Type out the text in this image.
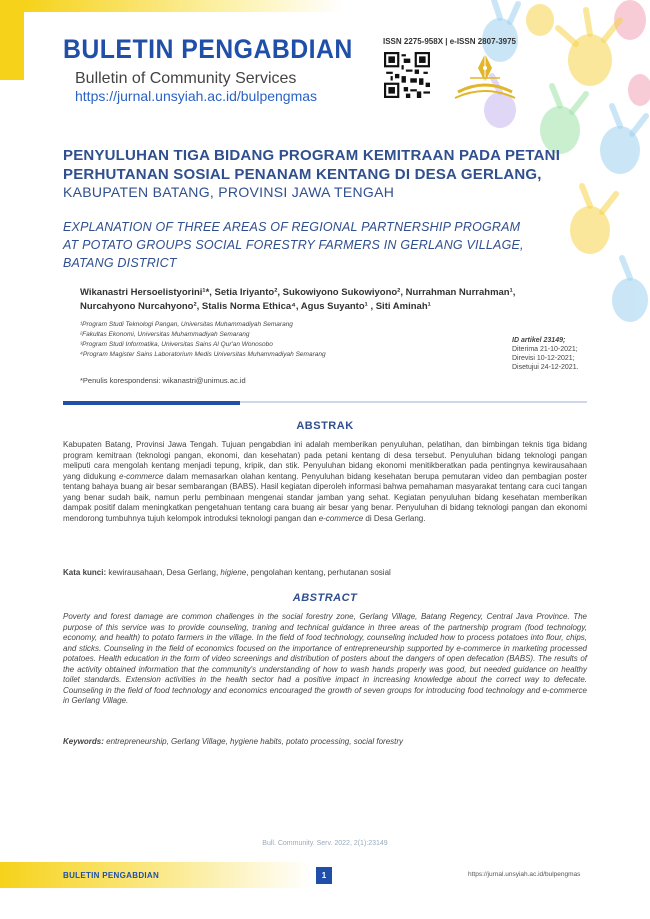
BULETIN PENGABDIAN
Bulletin of Community Services
https://jurnal.unsyiah.ac.id/bulpengmas
ISSN 2275-958X | e-ISSN 2807-3975
PENYULUHAN TIGA BIDANG PROGRAM KEMITRAAN PADA PETANI
PERHUTANAN SOSIAL PENANAM KENTANG DI DESA GERLANG,
KABUPATEN BATANG, PROVINSI JAWA TENGAH
EXPLANATION OF THREE AREAS OF REGIONAL PARTNERSHIP PROGRAM
AT POTATO GROUPS SOCIAL FORESTRY FARMERS IN GERLANG VILLAGE,
BATANG DISTRICT
Wikanastri Hersoelistyorini¹*, Setia Iriyanto², Sukowiyono Sukowiyono², Nurrahman Nurrahman¹,
Nurcahyono Nurcahyono², Stalis Norma Ethica⁴, Agus Suyanto¹ , Siti Aminah¹
¹Program Studi Teknologi Pangan, Universitas Muhammadiyah Semarang
²Fakultas Ekonomi, Universitas Muhammadiyah Semarang
³Program Studi Informatika, Universitas Sains Al Qur'an Wonosobo
⁴Program Magister Sains Laboratorium Medis Universitas Muhammadiyah Semarang
ID artikel 23149;
Diterima 21-10-2021;
Direvisi 10-12-2021;
Disetujui 24-12-2021.
*Penulis korespondensi: wikanastri@unimus.ac.id
ABSTRAK
Kabupaten Batang, Provinsi Jawa Tengah. Tujuan pengabdian ini adalah memberikan penyuluhan, pelatihan, dan bimbingan teknis tiga bidang program kemitraan (teknologi pangan, ekonomi, dan kesehatan) pada petani kentang di desa tersebut. Penyuluhan bidang teknologi pangan meliputi cara mengolah kentang menjadi tepung, kripik, dan stik. Penyuluhan bidang ekonomi menitikberatkan pada pentingnya kewirausahaan yang didukung e-commerce dalam memasarkan olahan kentang. Penyuluhan bidang kesehatan berupa pemutaran video dan pembagian poster tentang bahaya buang air besar sembarangan (BABS). Hasil kegiatan diperoleh informasi bahwa pemahaman masyarakat tentang cara cuci tangan yang benar sudah baik, namun perlu pembinaan mengenai standar jamban yang sehat. Kegiatan penyuluhan bidang kesehatan memberikan dampak positif dalam meningkatkan pengetahuan tentang cara buang air besar yang benar. Penyuluhan di bidang teknologi pangan dan ekonomi mendorong tumbuhnya tujuh kelompok introduksi teknologi pangan dan e-commerce di Desa Gerlang.
Kata kunci: kewirausahaan, Desa Gerlang, higiene, pengolahan kentang, perhutanan sosial
ABSTRACT
Poverty and forest damage are common challenges in the social forestry zone, Gerlang Village, Batang Regency, Central Java Province. The purpose of this service was to provide counseling, traning and technical guidance in three areas of the partnership program (food technology, economy, and health) to potato farmers in the village. In the field of food technology, counseling included how to process potatoes into flour, chips, and sticks. Counseling in the field of economics focused on the importance of entrepreneurship supported by e-commerce in marketing processed potatoes. Health education in the form of video screenings and distribution of posters about the dangers of open defecation (BABS). The results of the activity obtained information that the community's understanding of how to wash hands properly was good, but needed guidance on healthy toilet standards. Extension activities in the health sector had a positive impact in increasing knowledge about the correct way to defecate. Counseling in the field of food technology and economics encouraged the growth of seven groups for introducing food technology and e-commerce in Gerlang Village.
Keywords: entrepreneurship, Gerlang Village, hygiene habits, potato processing, social forestry
Bull. Community. Serv. 2022, 2(1):23149
BULETIN PENGABDIAN	1	https://jurnal.unsyiah.ac.id/bulpengmas
